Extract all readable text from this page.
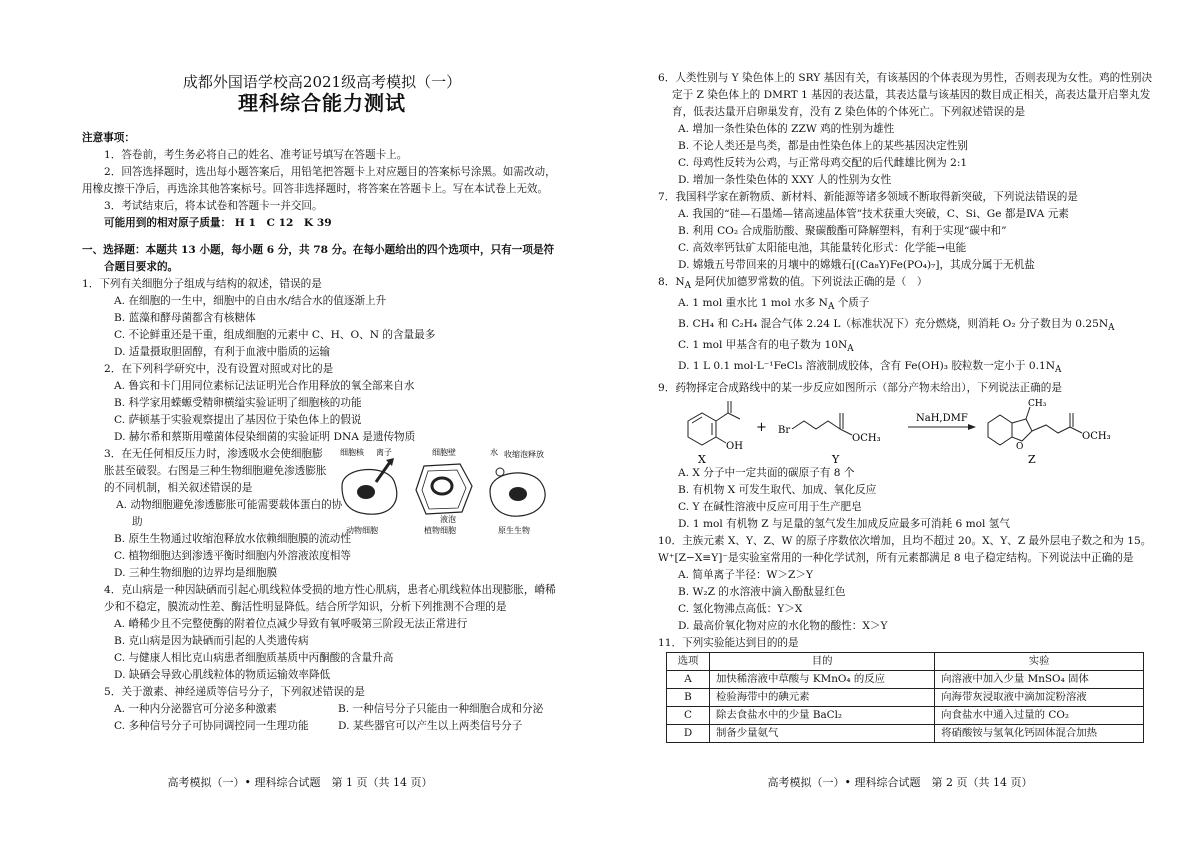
成都外国语学校高2021级高考模拟（一）
理科综合能力测试
注意事项：
1．答卷前，考生务必将自己的姓名、准考证号填写在答题卡上。
2．回答选择题时，选出每小题答案后，用铅笔把答题卡上对应题目的答案标号涂黑。如需改动，用橡皮擦干净后，再选涂其他答案标号。回答非选择题时，将答案在答题卡上。写在本试卷上无效。
3．考试结束后，将本试卷和答题卡一并交回。
可能用到的相对原子质量： H 1　C 12　K 39
一、选择题：本题共 13 小题，每小题 6 分，共 78 分。在每小题给出的四个选项中，只有一项是符合题目要求的。
1．下列有关细胞分子组成与结构的叙述，错误的是
A. 在细胞的一生中，细胞中的自由水/结合水的值逐渐上升
B. 蓝藻和酵母菌都含有核糖体
C. 不论鲜重还是干重，组成细胞的元素中 C、H、O、N 的含量最多
D. 适量摄取胆固醇，有利于血液中脂质的运输
2．在下列科学研究中，没有设置对照或对比的是
A. 鲁宾和卡门用同位素标记法证明光合作用释放的氧全部来自水
B. 科学家用蝾螈受精卵横缢实验证明了细胞核的功能
C. 萨顿基于实验观察提出了基因位于染色体上的假说
D. 赫尔希和蔡斯用噬菌体侵染细菌的实验证明 DNA 是遗传物质
3．在无任何相反压力时，渗透吸水会使细胞膨胀甚至破裂。右图是三种生物细胞避免渗透膨胀的不同机制，相关叙述错误的是
细胞核 离子	细胞壁	水 收缩泡释放
液泡
动物细胞	植物细胞	原生生物
A. 动物细胞避免渗透膨胀可能需要载体蛋白的协助
B. 原生生物通过收缩泡释放水依赖细胞膜的流动性
C. 植物细胞达到渗透平衡时细胞内外溶液浓度相等
D. 三种生物细胞的边界均是细胞膜
4．克山病是一种因缺硒而引起心肌线粒体受损的地方性心肌病，患者心肌线粒体出现膨胀，嵴稀少和不稳定，膜流动性差、酶活性明显降低。结合所学知识，分析下列推测不合理的是
A. 嵴稀少且不完整使酶的附着位点减少导致有氧呼吸第三阶段无法正常进行
B. 克山病是因为缺硒而引起的人类遗传病
C. 与健康人相比克山病患者细胞质基质中丙酮酸的含量升高
D. 缺硒会导致心肌线粒体的物质运输效率降低
5．关于激素、神经递质等信号分子，下列叙述错误的是
A. 一种内分泌器官可分泌多种激素	B. 一种信号分子只能由一种细胞合成和分泌
C. 多种信号分子可协同调控同一生理功能	D. 某些器官可以产生以上两类信号分子
高考模拟（一）• 理科综合试题　第 1 页（共 14 页）
6．人类性别与 Y 染色体上的 SRY 基因有关，有该基因的个体表现为男性，否则表现为女性。鸡的性别决定于 Z 染色体上的 DMRT 1 基因的表达量，其表达量与该基因的数目成正相关，高表达量开启睾丸发育，低表达量开启卵巢发育，没有 Z 染色体的个体死亡。下列叙述错误的是
A. 增加一条性染色体的 ZZW 鸡的性别为雄性
B. 不论人类还是鸟类，都是由性染色体上的某些基因决定性别
C. 母鸡性反转为公鸡，与正常母鸡交配的后代雌雄比例为 2:1
D. 增加一条性染色体的 XXY 人的性别为女性
7．我国科学家在新物质、新材料、新能源等诸多领域不断取得新突破，下列说法错误的是
A. 我国的“硅—石墨烯—锗高速晶体管”技术获重大突破，C、Si、Ge 都是ⅣA 元素
B. 利用 CO₂ 合成脂肪酸、聚碳酸酯可降解塑料，有利于实现“碳中和”
C. 高效率钙钛矿太阳能电池，其能量转化形式：化学能→电能
D. 嫦娥五号带回来的月壤中的嫦娥石[(Ca₈Y)Fe(PO₄)₇]，其成分属于无机盐
8．$N_A$ 是阿伏加德罗常数的值。下列说法正确的是（　）
A. 1 mol 重水比 1 mol 水多 $N_A$ 个质子
B. CH₄ 和 C₂H₄ 混合气体 2.24 L（标准状况下）充分燃烧，则消耗 O₂ 分子数目为 $0.25N_A$
C. 1 mol 甲基含有的电子数为 $10N_A$
D. 1 L 0.1 mol·L⁻¹FeCl₃ 溶液制成胶体，含有 Fe(OH)₃ 胶粒数一定小于 $0.1N_A$
9．药物择定合成路线中的某一步反应如图所示（部分产物未给出），下列说法正确的是
OH
X
+ Br
OCH₃
Y
NaH,DMF
O
CH₃
OCH₃
Z
A. X 分子中一定共面的碳原子有 8 个
B. 有机物 X 可发生取代、加成、氧化反应
C. Y 在碱性溶液中反应可用于生产肥皂
D. 1 mol 有机物 Z 与足量的氢气发生加成反应最多可消耗 6 mol 氢气
10．主族元素 X、Y、Z、W 的原子序数依次增加，且均不超过 20。X、Y、Z 最外层电子数之和为 15。W⁺[Z−X≡Y]⁻是实验室常用的一种化学试剂，所有元素都满足 8 电子稳定结构。下列说法中正确的是
A. 简单离子半径：W＞Z＞Y
B. W₂Z 的水溶液中滴入酚酞显红色
C. 氢化物沸点高低：Y＞X
D. 最高价氧化物对应的水化物的酸性：X＞Y
11．下列实验能达到目的的是
选项	目的	实验
A	加快稀溶液中草酸与 KMnO₄ 的反应	向溶液中加入少量 MnSO₄ 固体
B	检验海带中的碘元素	向海带灰浸取液中滴加淀粉溶液
C	除去食盐水中的少量 BaCl₂	向食盐水中通入过量的 CO₂
D	制备少量氨气	将硝酸铵与氢氧化钙固体混合加热
高考模拟（一）• 理科综合试题　第 2 页（共 14 页）
